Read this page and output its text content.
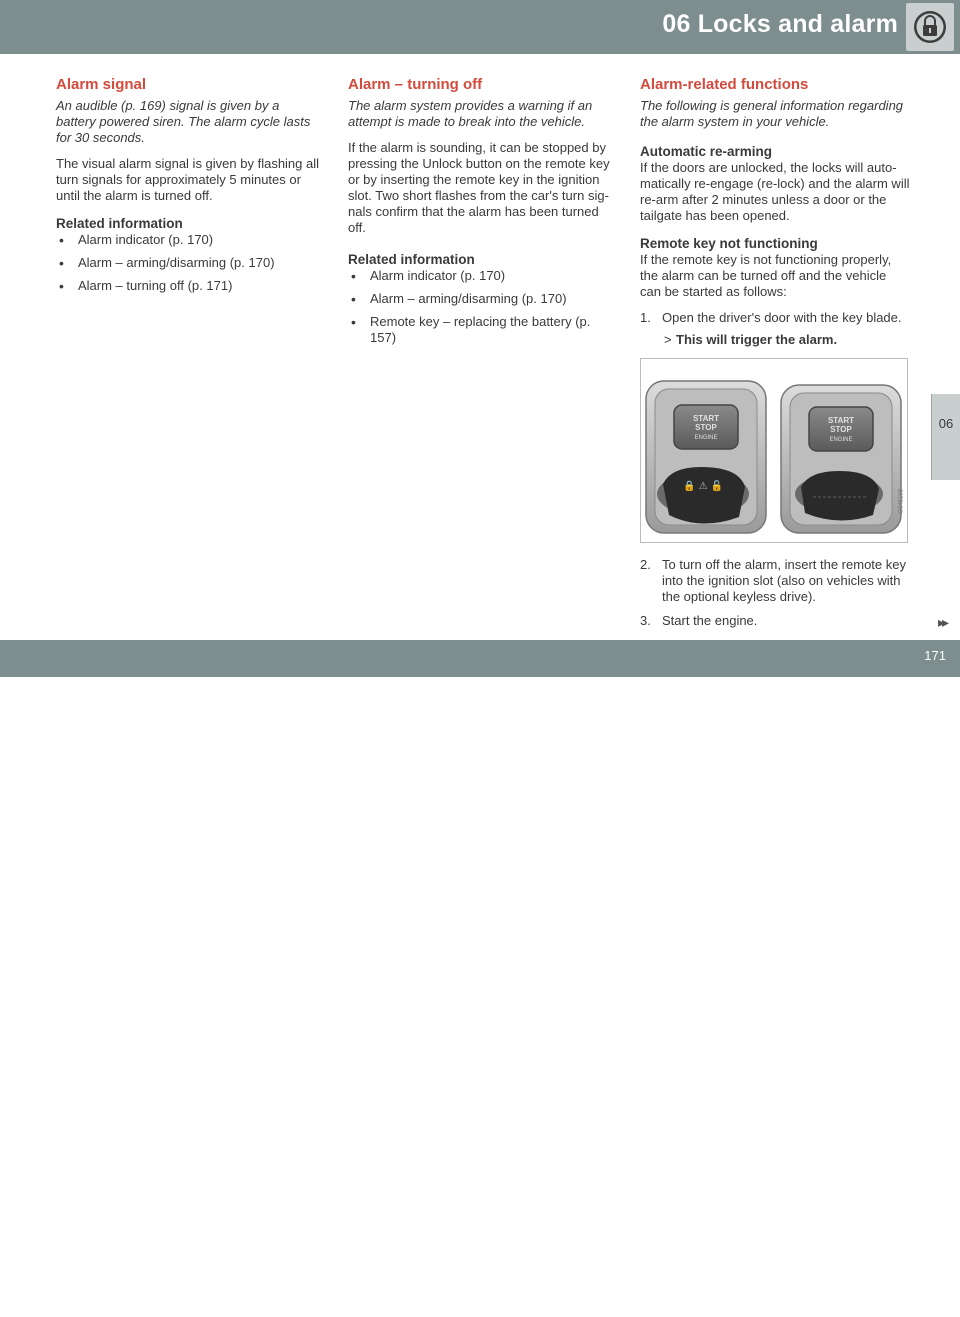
06 Locks and alarm
06
Alarm signal
An audible (p. 169) signal is given by a battery powered siren. The alarm cycle lasts for 30 seconds.

The visual alarm signal is given by flashing all turn signals for approximately 5 minutes or until the alarm is turned off.

Related information
• Alarm indicator (p. 170)
• Alarm – arming/disarming (p. 170)
• Alarm – turning off (p. 171)
Alarm – turning off
The alarm system provides a warning if an attempt is made to break into the vehicle.

If the alarm is sounding, it can be stopped by pressing the Unlock button on the remote key or by inserting the remote key in the ignition slot. Two short flashes from the car's turn sig-nals confirm that the alarm has been turned off.

Related information
• Alarm indicator (p. 170)
• Alarm – arming/disarming (p. 170)
• Remote key – replacing the battery (p. 157)
Alarm-related functions
The following is general information regarding the alarm system in your vehicle.
Automatic re-arming

If the doors are unlocked, the locks will auto-matically re-engage (re-lock) and the alarm will re-arm after 2 minutes unless a door or the tailgate has been opened.

Remote key not functioning

If the remote key is not functioning properly, the alarm can be turned off and the vehicle can be started as follows:

1. Open the driver's door with the key blade.
> This will trigger the alarm.
START
STOP
ENGINE
🔒 ⚠ 🔓
START
STOP
ENGINE
G045198
2. To turn off the alarm, insert the remote key into the ignition slot (also on vehicles with the optional keyless drive).
3. Start the engine.	▸▸
carmanualsonline.info
171
